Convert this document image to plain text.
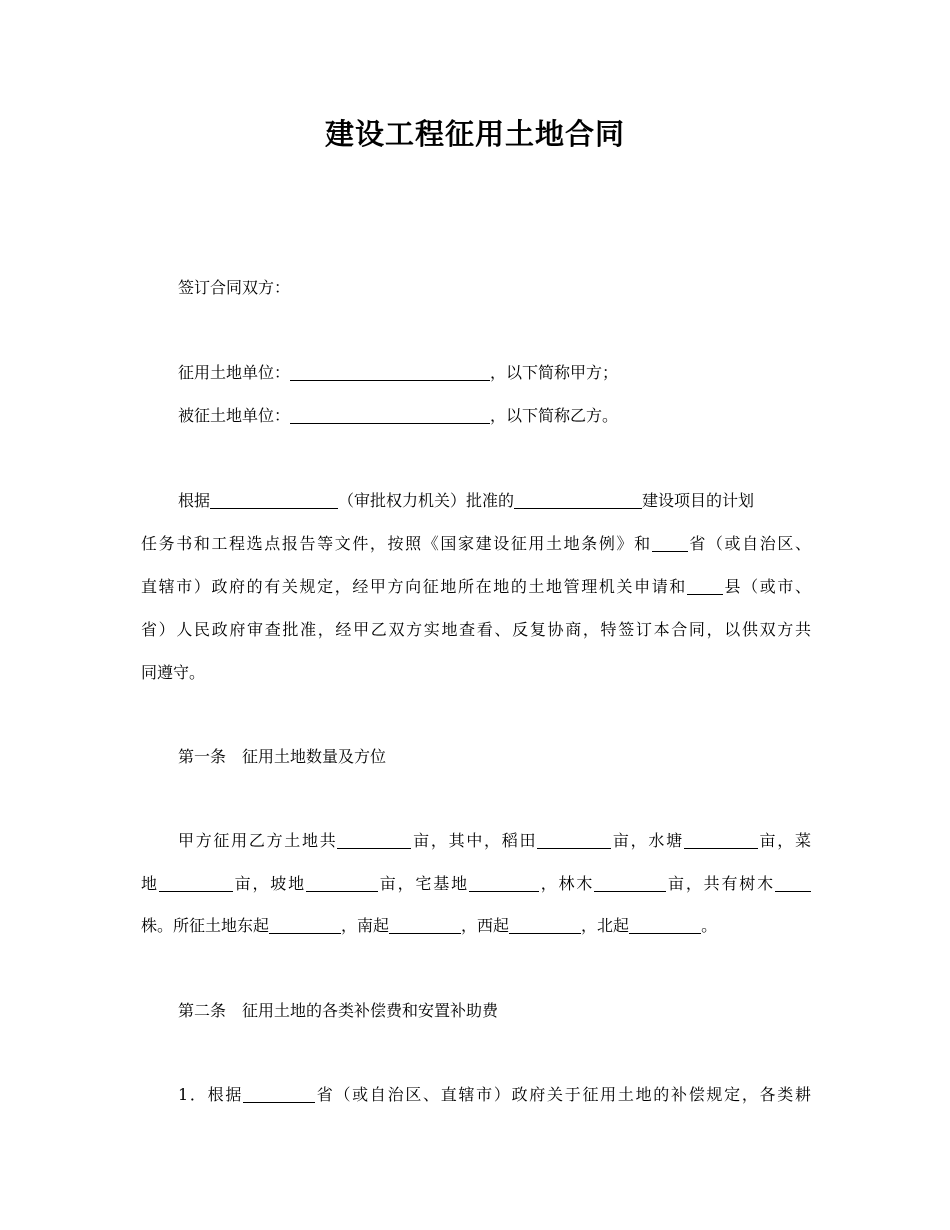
建设工程征用土地合同
签订合同双方：
征用土地单位：	，以下简称甲方；
被征土地单位：	，以下简称乙方。
根据	（审批权力机关）批准的	建设项目的计划
任务书和工程选点报告等文件，按照《国家建设征用土地条例》和 省（或自治区、
直辖市）政府的有关规定，经甲方向征地所在地的土地管理机关申请和 县（或市、
省）人民政府审查批准，经甲乙双方实地查看、反复协商，特签订本合同，以供双方共
同遵守。
第一条 征用土地数量及方位
甲方征用乙方土地共	亩，其中，稻田	亩，水塘	亩，菜
地	亩，坡地	亩，宅基地	，林木	亩，共有树木
株。所征土地东起	，南起	，西起	，北起	。
第二条 征用土地的各类补偿费和安置补助费
1．根据	省（或自治区、直辖市）政府关于征用土地的补偿规定，各类耕
